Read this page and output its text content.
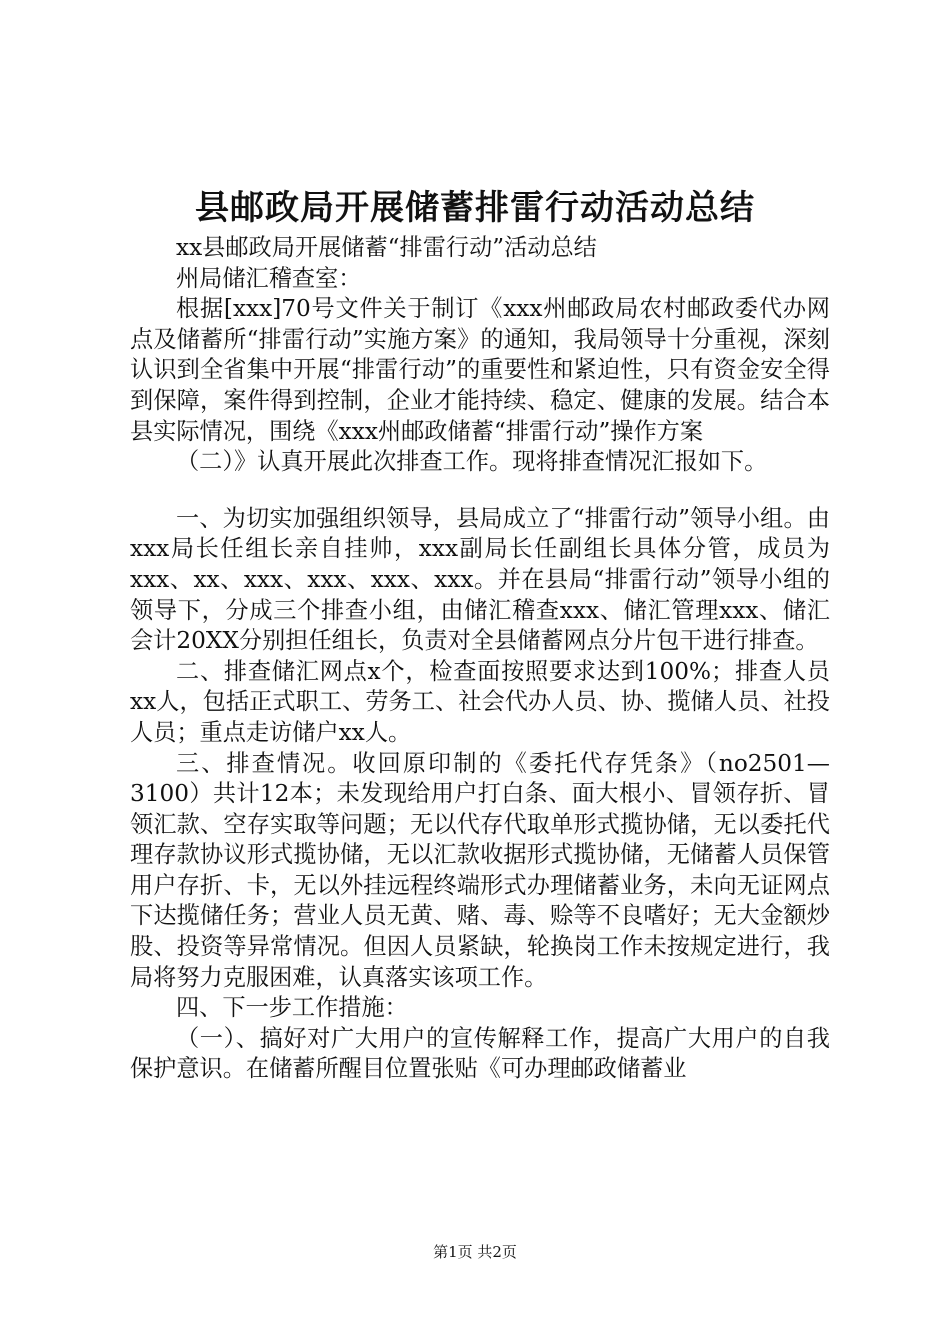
县邮政局开展储蓄排雷行动活动总结

xx县邮政局开展储蓄“排雷行动”活动总结

州局储汇稽查室：

根据[xxx]70号文件关于制订《xxx州邮政局农村邮政委代办网点及储蓄所“排雷行动”实施方案》的通知，我局领导十分重视，深刻认识到全省集中开展“排雷行动”的重要性和紧迫性，只有资金安全得到保障，案件得到控制，企业才能持续、稳定、健康的发展。结合本县实际情况，围绕《xxx州邮政储蓄“排雷行动”操作方案

（二）》认真开展此次排查工作。现将排查情况汇报如下。

一、为切实加强组织领导，县局成立了“排雷行动”领导小组。由xxx局长任组长亲自挂帅，xxx副局长任副组长具体分管，成员为xxx、xx、xxx、xxx、xxx、xxx。并在县局“排雷行动”领导小组的领导下，分成三个排查小组，由储汇稽查xxx、储汇管理xxx、储汇会计20XX分别担任组长，负责对全县储蓄网点分片包干进行排查。

二、排查储汇网点x个，检查面按照要求达到100%；排查人员xx人，包括正式职工、劳务工、社会代办人员、协、揽储人员、社投人员；重点走访储户xx人。

三、排查情况。收回原印制的《委托代存凭条》（no2501—3100）共计12本；未发现给用户打白条、面大根小、冒领存折、冒领汇款、空存实取等问题；无以代存代取单形式揽协储，无以委托代理存款协议形式揽协储，无以汇款收据形式揽协储，无储蓄人员保管用户存折、卡，无以外挂远程终端形式办理储蓄业务，未向无证网点下达揽储任务；营业人员无黄、赌、毒、赊等不良嗜好；无大金额炒股、投资等异常情况。但因人员紧缺，轮换岗工作未按规定进行，我局将努力克服困难，认真落实该项工作。

四、下一步工作措施：

（一）、搞好对广大用户的宣传解释工作，提高广大用户的自我保护意识。在储蓄所醒目位置张贴《可办理邮政储蓄业

第1页 共2页
